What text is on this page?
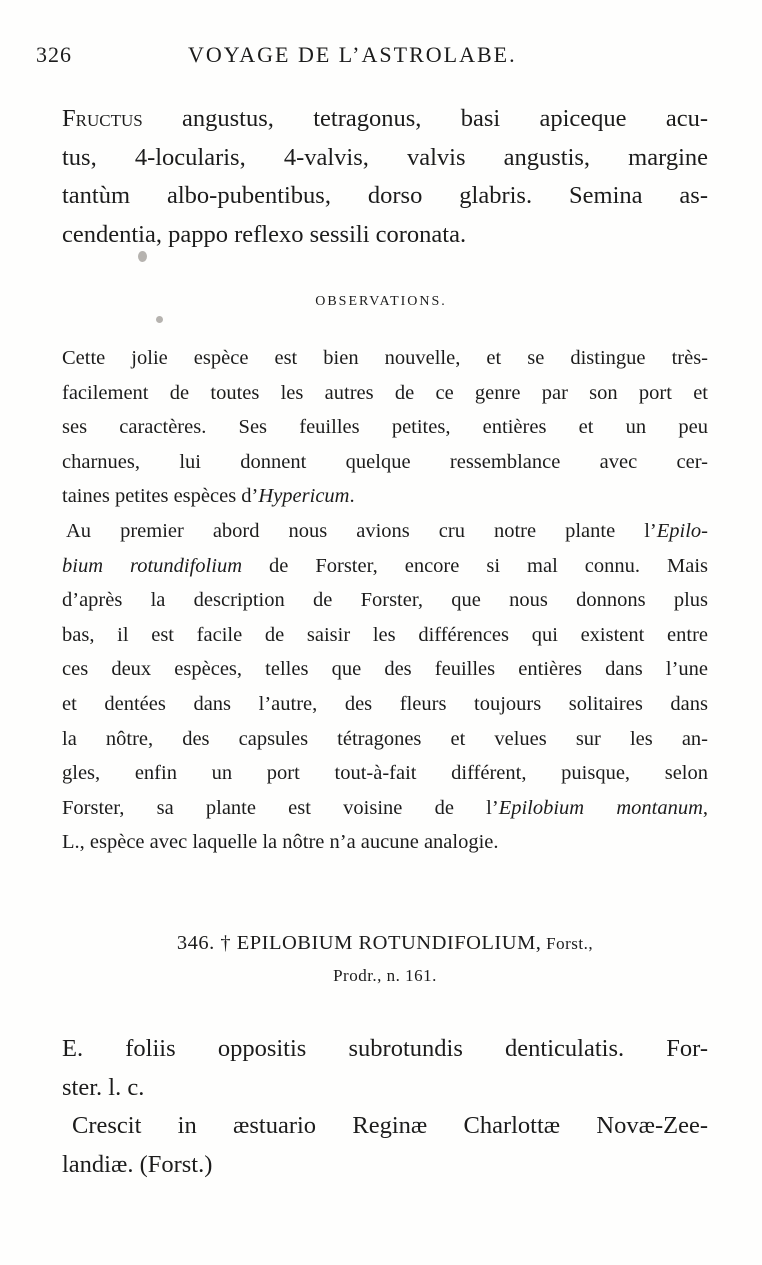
326	VOYAGE DE L’ASTROLABE.
Fructus angustus, tetragonus, basi apiceque acu-
tus, 4-locularis, 4-valvis, valvis angustis, margine
tantùm albo-pubentibus, dorso glabris. Semina as-
cendentia, pappo reflexo sessili coronata.
OBSERVATIONS.
Cette jolie espèce est bien nouvelle, et se distingue très-
facilement de toutes les autres de ce genre par son port et
ses caractères. Ses feuilles petites, entières et un peu
charnues, lui donnent quelque ressemblance avec cer-
taines petites espèces d’Hypericum.
Au premier abord nous avions cru notre plante l’Epilo-
bium rotundifolium de Forster, encore si mal connu. Mais
d’après la description de Forster, que nous donnons plus
bas, il est facile de saisir les différences qui existent entre
ces deux espèces, telles que des feuilles entières dans l’une
et dentées dans l’autre, des fleurs toujours solitaires dans
la nôtre, des capsules tétragones et velues sur les an-
gles, enfin un port tout-à-fait différent, puisque, selon
Forster, sa plante est voisine de l’Epilobium montanum,
L., espèce avec laquelle la nôtre n’a aucune analogie.
346. † EPILOBIUM ROTUNDIFOLIUM, Forst.,
Prodr., n. 161.
E. foliis oppositis subrotundis denticulatis. For-
ster. l. c.
Crescit in æstuario Reginæ Charlottæ Novæ-Zee-
landiæ. (Forst.)
